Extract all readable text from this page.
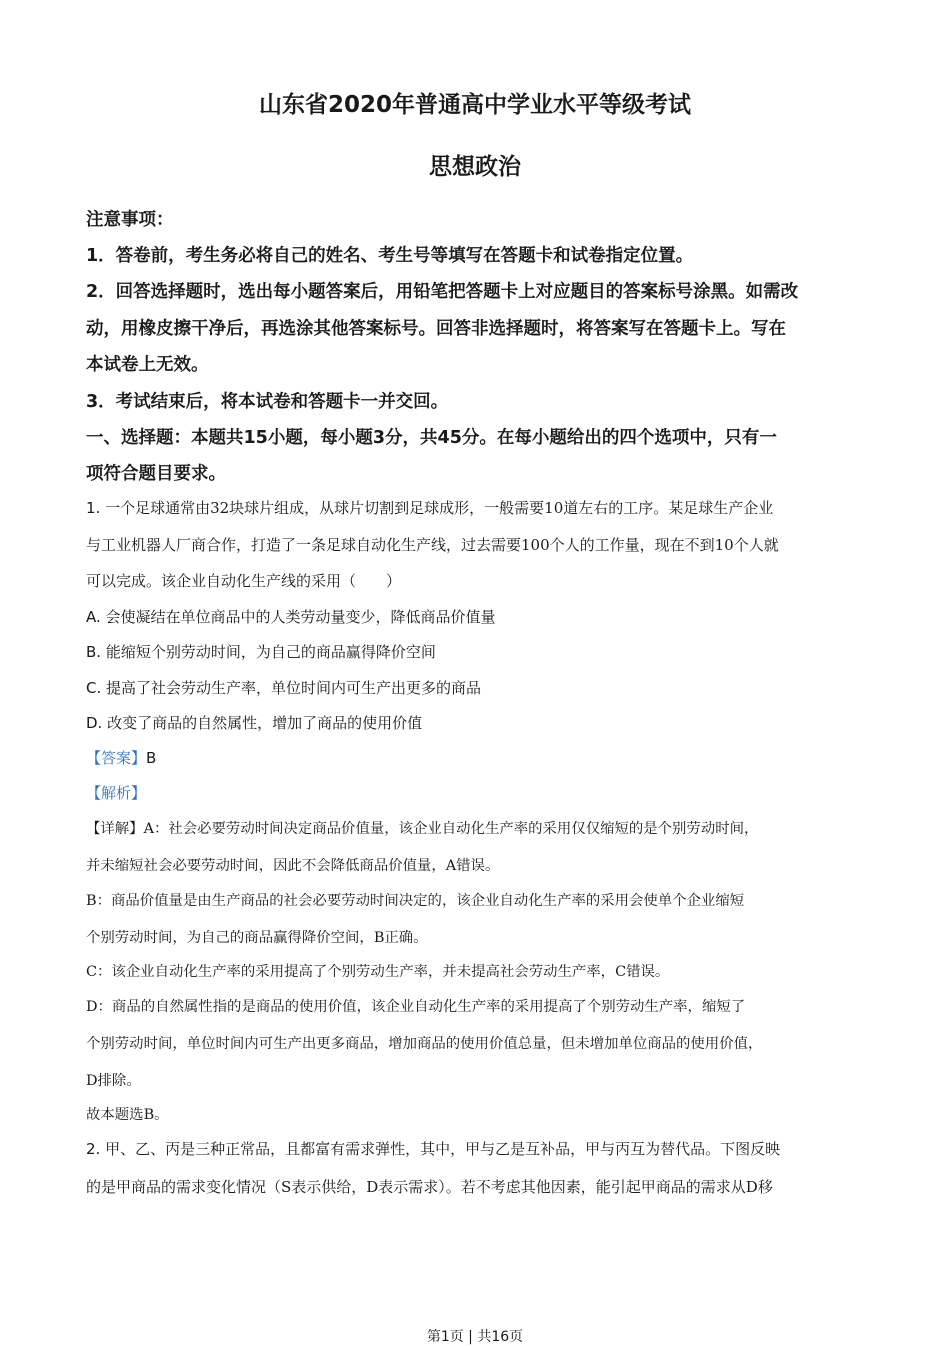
山东省2020年普通高中学业水平等级考试
思想政治
注意事项：
1．答卷前，考生务必将自己的姓名、考生号等填写在答题卡和试卷指定位置。
2．回答选择题时，选出每小题答案后，用铅笔把答题卡上对应题目的答案标号涂黑。如需改
动，用橡皮擦干净后，再选涂其他答案标号。回答非选择题时，将答案写在答题卡上。写在
本试卷上无效。
3．考试结束后，将本试卷和答题卡一并交回。
一、选择题：本题共15小题，每小题3分，共45分。在每小题给出的四个选项中，只有一
项符合题目要求。
1. 一个足球通常由32块球片组成，从球片切割到足球成形，一般需要10道左右的工序。某足球生产企业
与工业机器人厂商合作，打造了一条足球自动化生产线，过去需要100个人的工作量，现在不到10个人就
可以完成。该企业自动化生产线的采用（　　）
A. 会使凝结在单位商品中的人类劳动量变少，降低商品价值量
B. 能缩短个别劳动时间，为自己的商品赢得降价空间
C. 提高了社会劳动生产率，单位时间内可生产出更多的商品
D. 改变了商品的自然属性，增加了商品的使用价值
【答案】B
【解析】
【详解】A：社会必要劳动时间决定商品价值量，该企业自动化生产率的采用仅仅缩短的是个别劳动时间，
并未缩短社会必要劳动时间，因此不会降低商品价值量，A错误。
B：商品价值量是由生产商品的社会必要劳动时间决定的，该企业自动化生产率的采用会使单个企业缩短
个别劳动时间，为自己的商品赢得降价空间，B正确。
C：该企业自动化生产率的采用提高了个别劳动生产率，并未提高社会劳动生产率，C错误。
D：商品的自然属性指的是商品的使用价值，该企业自动化生产率的采用提高了个别劳动生产率，缩短了
个别劳动时间，单位时间内可生产出更多商品，增加商品的使用价值总量，但未增加单位商品的使用价值，
D排除。
故本题选B。
2. 甲、乙、丙是三种正常品，且都富有需求弹性，其中，甲与乙是互补品，甲与丙互为替代品。下图反映
的是甲商品的需求变化情况（S表示供给，D表示需求）。若不考虑其他因素，能引起甲商品的需求从D移
第1页 | 共16页
